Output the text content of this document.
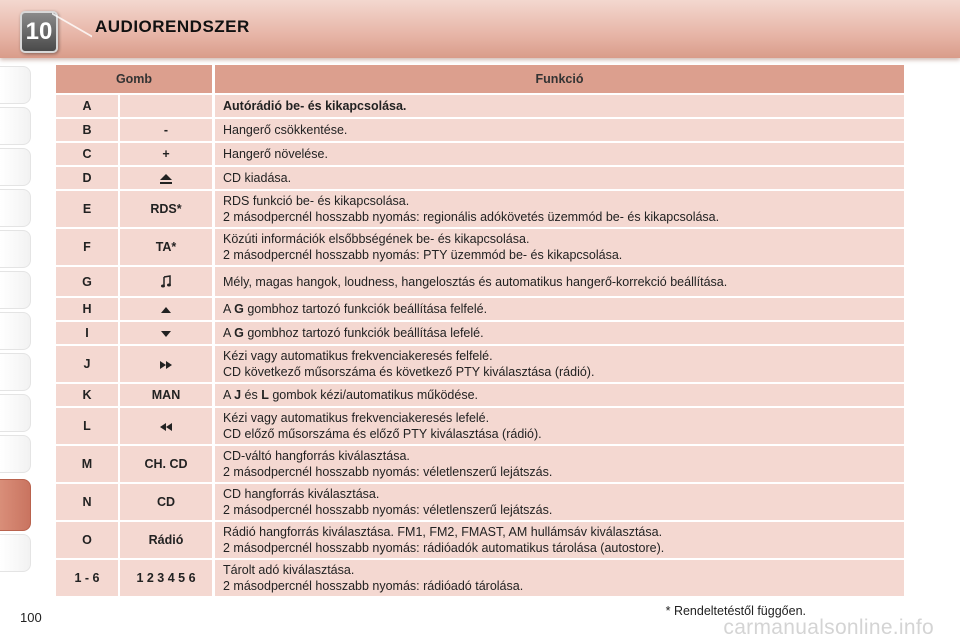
10	AUDIORENDSZER
Gomb		Funkció
A		Autórádió be- és kikapcsolása.

B	-	Hangerő csökkentése.

C	+	Hangerő növelése.

D		CD kiadása.

E	RDS*	RDS funkció be- és kikapcsolása.
2 másodpercnél hosszabb nyomás: regionális adókövetés üzemmód be- és kikapcsolása.

F	TA*	Közúti információk elsőbbségének be- és kikapcsolása.
2 másodpercnél hosszabb nyomás: PTY üzemmód be- és kikapcsolása.

G		Mély, magas hangok, loudness, hangelosztás és automatikus hangerő-korrekció beállítása.

H		A G gombhoz tartozó funkciók beállítása felfelé.
I		A G gombhoz tartozó funkciók beállítása lefelé.
J		Kézi vagy automatikus frekvenciakeresés felfelé.
CD következő műsorszáma és következő PTY kiválasztása (rádió).

K	MAN	A J és L gombok kézi/automatikus működése.
L		Kézi vagy automatikus frekvenciakeresés lefelé.
CD előző műsorszáma és előző PTY kiválasztása (rádió).

M	CH. CD	CD-váltó hangforrás kiválasztása.
2 másodpercnél hosszabb nyomás: véletlenszerű lejátszás.

N	CD	CD hangforrás kiválasztása.
2 másodpercnél hosszabb nyomás: véletlenszerű lejátszás.

O	Rádió	Rádió hangforrás kiválasztása. FM1, FM2, FMAST, AM hullámsáv kiválasztása.
2 másodpercnél hosszabb nyomás: rádióadók automatikus tárolása (autostore).

1 - 6	1 2 3 4 5 6	Tárolt adó kiválasztása.
2 másodpercnél hosszabb nyomás: rádióadó tárolása.
* Rendeltetéstől függően.
100	carmanualsonline.info
